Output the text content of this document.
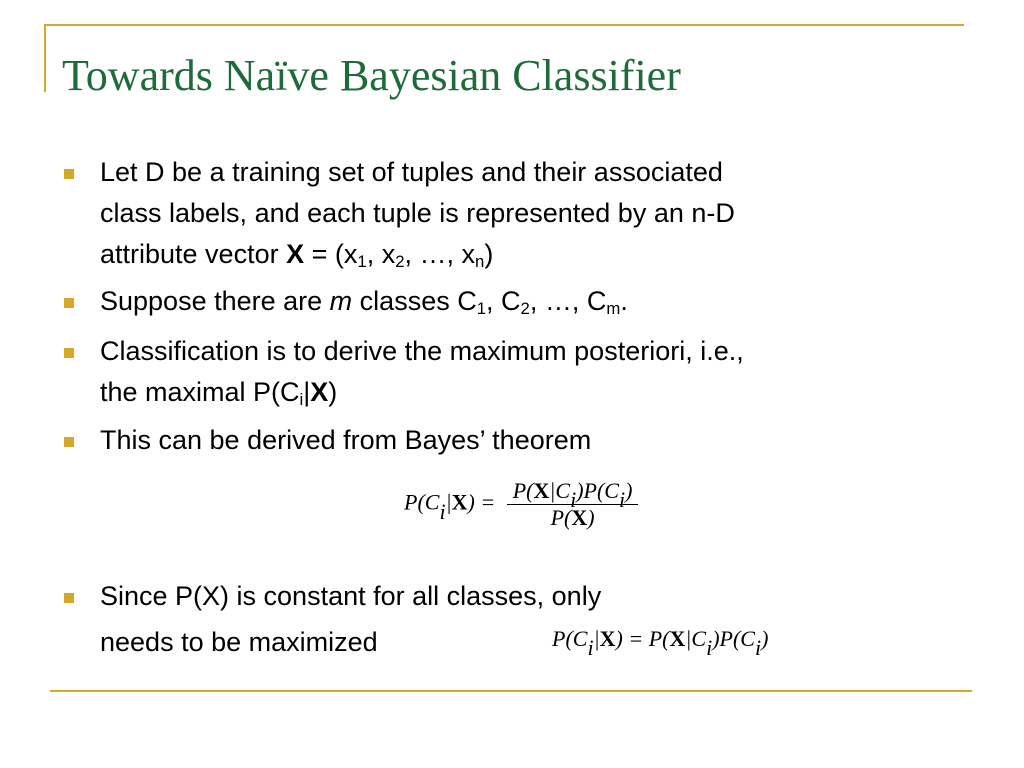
Towards Naïve Bayesian Classifier
Let D be a training set of tuples and their associated
class labels, and each tuple is represented by an n-D
attribute vector $X = (x_1$, $x_2$, …, $x_n$)
Suppose there are m classes $C_1$, $C_2$, …, $C_m$.
Classification is to derive the maximum posteriori, i.e.,
the maximal $P(C_i|X)$
This can be derived from Bayes’ theorem
$P(Ci|X) = \frac{P(X|Ci)P(Ci)}{P(X)}$
Since P(X) is constant for all classes, only
needs to be maximized	P(Ci|X) = P(X|Ci)P(Ci)
